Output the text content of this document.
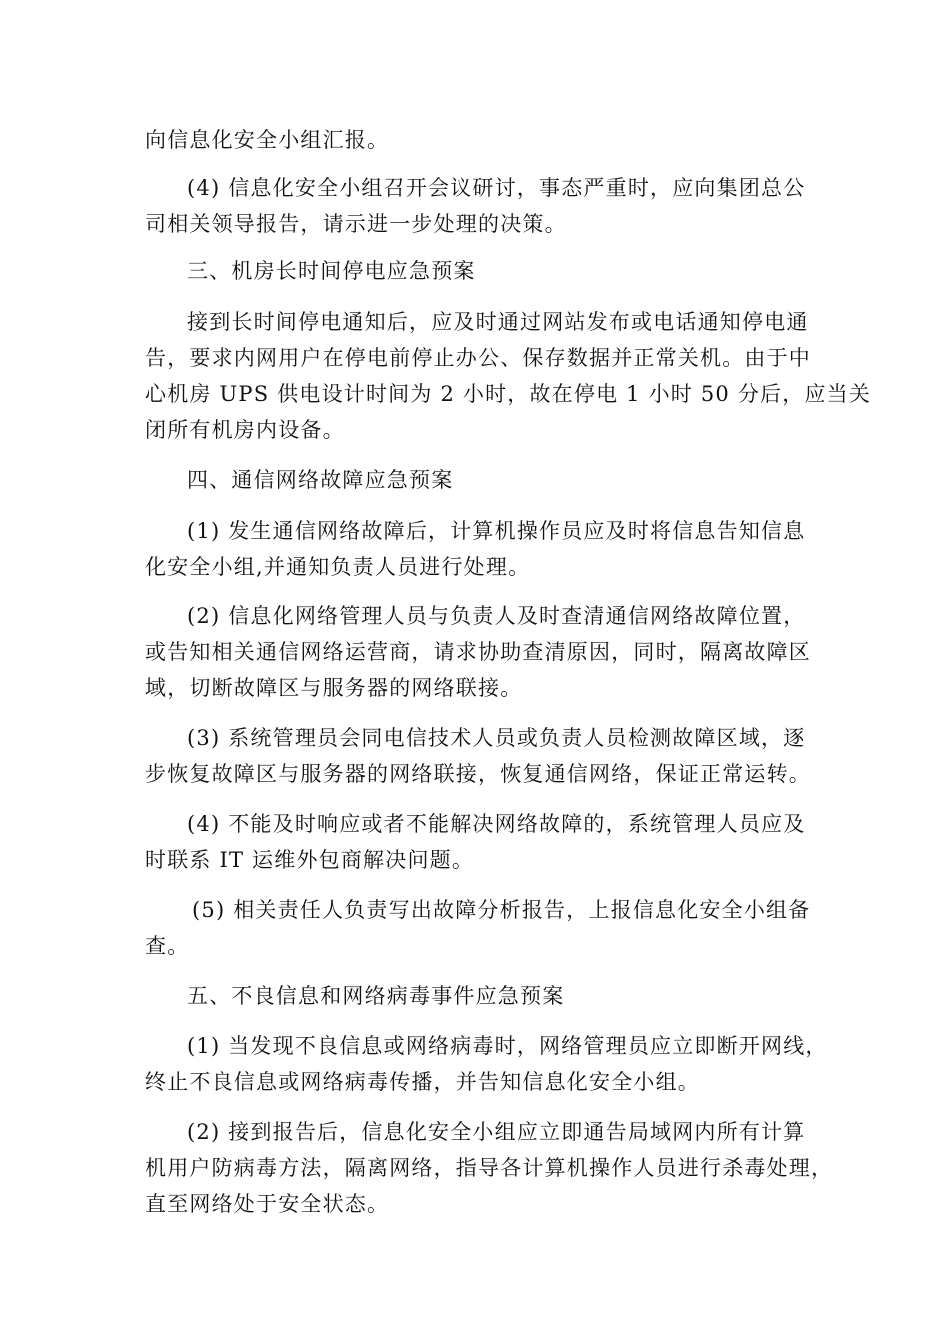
向信息化安全小组汇报。
(4) 信息化安全小组召开会议研讨，事态严重时，应向集团总公
司相关领导报告，请示进一步处理的决策。
三、机房长时间停电应急预案
接到长时间停电通知后，应及时通过网站发布或电话通知停电通
告，要求内网用户在停电前停止办公、保存数据并正常关机。由于中
心机房 UPS 供电设计时间为 2 小时，故在停电 1 小时 50 分后，应当关
闭所有机房内设备。
四、通信网络故障应急预案
(1) 发生通信网络故障后，计算机操作员应及时将信息告知信息
化安全小组,并通知负责人员进行处理。
(2) 信息化网络管理人员与负责人及时查清通信网络故障位置，
或告知相关通信网络运营商，请求协助查清原因，同时，隔离故障区
域，切断故障区与服务器的网络联接。
(3) 系统管理员会同电信技术人员或负责人员检测故障区域，逐
步恢复故障区与服务器的网络联接，恢复通信网络，保证正常运转。
(4) 不能及时响应或者不能解决网络故障的，系统管理人员应及
时联系 IT 运维外包商解决问题。
(5) 相关责任人负责写出故障分析报告，上报信息化安全小组备
查。
五、不良信息和网络病毒事件应急预案
(1) 当发现不良信息或网络病毒时，网络管理员应立即断开网线，
终止不良信息或网络病毒传播，并告知信息化安全小组。
(2) 接到报告后，信息化安全小组应立即通告局域网内所有计算
机用户防病毒方法，隔离网络，指导各计算机操作人员进行杀毒处理，
直至网络处于安全状态。
